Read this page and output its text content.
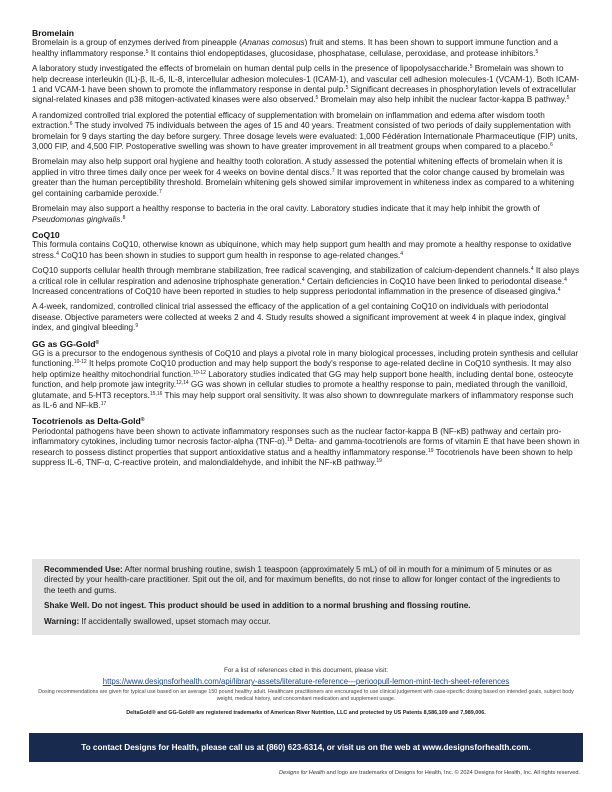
Bromelain

Bromelain is a group of enzymes derived from pineapple (Ananas comosus) fruit and stems. It has been shown to support immune function and a healthy inflammatory response.$^5$ It contains thiol endopeptidases, glucosidase, phosphatase, cellulase, peroxidase, and protease inhibitors.$^5$

A laboratory study investigated the effects of bromelain on human dental pulp cells in the presence of lipopolysaccharide.$^5$ Bromelain was shown to help decrease interleukin (IL)-β, IL-6, IL-8, intercellular adhesion molecules-1 (ICAM-1), and vascular cell adhesion molecules-1 (VCAM-1). Both ICAM-1 and VCAM-1 have been shown to promote the inflammatory response in dental pulp.$^5$ Significant decreases in phosphorylation levels of extracellular signal-related kinases and p38 mitogen-activated kinases were also observed.$^5$ Bromelain may also help inhibit the nuclear factor-kappa B pathway.$^5$

A randomized controlled trial explored the potential efficacy of supplementation with bromelain on inflammation and edema after wisdom tooth extraction.$^6$ The study involved 75 individuals between the ages of 15 and 40 years. Treatment consisted of two periods of daily supplementation with bromelain for 9 days starting the day before surgery. Three dosage levels were evaluated: 1,000 Fédération Internationale Pharmaceutique (FIP) units, 3,000 FIP, and 4,500 FIP. Postoperative swelling was shown to have greater improvement in all treatment groups when compared to a placebo.$^6$

Bromelain may also help support oral hygiene and healthy tooth coloration. A study assessed the potential whitening effects of bromelain when it is applied in vitro three times daily once per week for 4 weeks on bovine dental discs.$^7$ It was reported that the color change caused by bromelain was greater than the human perceptibility threshold. Bromelain whitening gels showed similar improvement in whiteness index as compared to a whitening gel containing carbamide peroxide.$^7$

Bromelain may also support a healthy response to bacteria in the oral cavity. Laboratory studies indicate that it may help inhibit the growth of Pseudomonas gingivalis.$^8$

CoQ10

This formula contains CoQ10, otherwise known as ubiquinone, which may help support gum health and may promote a healthy response to oxidative stress.$^4$ CoQ10 has been shown in studies to support gum health in response to age-related changes.$^4$

CoQ10 supports cellular health through membrane stabilization, free radical scavenging, and stabilization of calcium-dependent channels.$^4$ It also plays a critical role in cellular respiration and adenosine triphosphate generation.$^4$ Certain deficiencies in CoQ10 have been linked to periodontal disease.$^4$ Increased concentrations of CoQ10 have been reported in studies to help suppress periodontal inflammation in the presence of diseased gingiva.$^4$

A 4-week, randomized, controlled clinical trial assessed the efficacy of the application of a gel containing CoQ10 on individuals with periodontal disease. Objective parameters were collected at weeks 2 and 4. Study results showed a significant improvement at week 4 in plaque index, gingival index, and gingival bleeding.$^9$

GG as GG-Gold®

GG is a precursor to the endogenous synthesis of CoQ10 and plays a pivotal role in many biological processes, including protein synthesis and cellular functioning.$^{10-12}$ It helps promote CoQ10 production and may help support the body's response to age-related decline in CoQ10 synthesis. It may also help optimize healthy mitochondrial function.$^{10-12}$ Laboratory studies indicated that GG may help support bone health, including dental bone, osteocyte function, and help promote jaw integrity.$^{12,14}$ GG was shown in cellular studies to promote a healthy response to pain, mediated through the vanilloid, glutamate, and 5-HT3 receptors.$^{15,16}$ This may help support oral sensitivity. It was also shown to downregulate markers of inflammatory response such as IL-6 and NF-kB.$^{17}$

Tocotrienols as Delta-Gold®

Periodontal pathogens have been shown to activate inflammatory responses such as the nuclear factor-kappa B (NF-κB) pathway and certain pro-inflammatory cytokines, including tumor necrosis factor-alpha (TNF-α).$^{18}$ Delta- and gamma-tocotrienols are forms of vitamin E that have been shown in research to possess distinct properties that support antioxidative status and a healthy inflammatory response.$^{19}$ Tocotrienols have been shown to help suppress IL-6, TNF-α, C-reactive protein, and malondialdehyde, and inhibit the NF-κB pathway.$^{19}$

Recommended Use: After normal brushing routine, swish 1 teaspoon (approximately 5 mL) of oil in mouth for a minimum of 5 minutes or as directed by your health-care practitioner. Spit out the oil, and for maximum benefits, do not rinse to allow for longer contact of the ingredients to the teeth and gums.

Shake Well. Do not ingest. This product should be used in addition to a normal brushing and flossing routine.

Warning: If accidentally swallowed, upset stomach may occur.

For a list of references cited in this document, please visit:

https://www.designsforhealth.com/api/library-assets/literature-reference---perioopull-lemon-mint-tech-sheet-references

Dosing recommendations are given for typical use based on an average 150 pound healthy adult. Healthcare practitioners are encouraged to use clinical judgement with case-specific dosing based on intended goals, subject body weight, medical history, and concomitant medication and supplement usage.

DeltaGold® and GG-Gold® are registered trademarks of American River Nutrition, LLC and protected by US Patents 8,586,109 and 7,989,006.

To contact Designs for Health, please call us at (860) 623-6314, or visit us on the web at www.designsforhealth.com.
Designs for Health and logo are trademarks of Designs for Health, Inc. © 2024 Designs for Health, Inc. All rights reserved.
